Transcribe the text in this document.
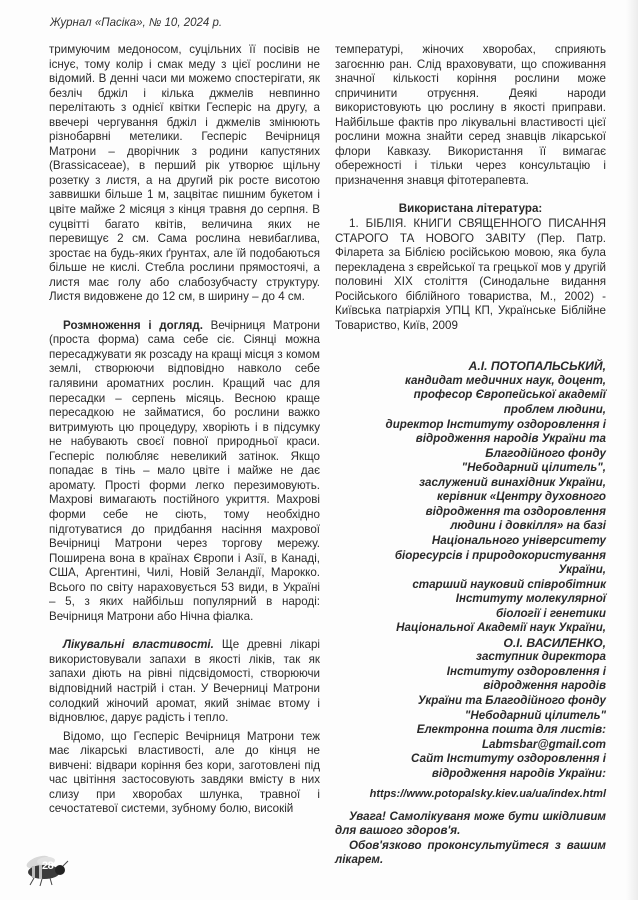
Журнал «Пасіка», № 10, 2024 р.

тримуючим медоносом, суцільних її посівів не існує, тому колір і смак меду з цієї рослини не відомий. В денні часи ми можемо спостерігати, як безліч бджіл і кілька джмелів невпинно перелітають з однієї квітки Гесперіс на другу, а ввечері чергування бджіл і джмелів змінюють різнобарвні метелики. Гесперіс Вечірниця Матрони – дворічник з родини капустяних (Brassicaceae), в перший рік утворює щільну розетку з листя, а на другий рік росте висотою заввишки більше 1 м, зацвітає пишним букетом і цвіте майже 2 місяця з кінця травня до серпня. В суцвітті багато квітів, величина яких не перевищує 2 см. Сама рослина невибаглива, зростає на будь-яких ґрунтах, але їй подобаються більше не кислі. Стебла рослини прямостоячі, а листя має голу або слабозубчасту структуру. Листя видовжене до 12 см, в ширину – до 4 см.

Розмноження і догляд. Вечірниця Матрони (проста форма) сама себе сіє. Сіянці можна пересаджувати як розсаду на кращі місця з комом землі, створюючи відповідно навколо себе галявини ароматних рослин. Кращий час для пересадки – серпень місяць. Весною краще пересадкою не займатися, бо рослини важко витримують цю процедуру, хворіють і в підсумку не набувають своєї повної природньої краси. Гесперіс полюбляє невеликий затінок. Якщо попадає в тінь – мало цвіте і майже не дає аромату. Прості форми легко перезимовують. Махрові вимагають постійного укриття. Махрові форми себе не сіють, тому необхідно підготуватися до придбання насіння махрової Вечірниці Матрони через торгову мережу. Поширена вона в країнах Європи і Азії, в Канаді, США, Аргентині, Чилі, Новій Зеландії, Марокко. Всього по світу нараховується 53 види, в Україні – 5, з яких найбільш популярний в народі: Вечірниця Матрони або Нічна фіалка.

Лікувальні властивості. Ще древні лікарі використовували запахи в якості ліків, так як запахи діють на рівні підсвідомості, створюючи відповідний настрій і стан. У Вечерниці Матрони солодкий жіночий аромат, який знімає втому і відновлює, дарує радість і тепло.

Відомо, що Гесперіс Вечірниця Матрони теж має лікарські властивості, але до кінця не вивчені: відвари коріння без кори, заготовлені під час цвітіння застосовують завдяки вмісту в них слизу при хворобах шлунка, травної і сечостатевої системи, зубному болю, високій

температурі, жіночих хворобах, сприяють загоєнню ран. Слід враховувати, що споживання значної кількості коріння рослини може спричинити отруєння. Деякі народи використовують цю рослину в якості приправи. Найбільше фактів про лікувальні властивості цієї рослини можна знайти серед знавців лікарської флори Кавказу. Використання її вимагає обережності і тільки через консультацію і призначення знавця фітотерапевта.

Використана література:

1. БІБЛІЯ. КНИГИ СВЯЩЕННОГО ПИСАННЯ СТАРОГО ТА НОВОГО ЗАВІТУ (Пер. Патр. Філарета за Біблією російською мовою, яка була перекладена з єврейської та грецької мов у другій половині XIX століття (Синодальне видання Російського біблійного товариства, М., 2002) - Київська патріархія УПЦ КП, Українське Біблійне Товариство, Київ, 2009

А.І. ПОТОПАЛЬСЬКИЙ,

кандидат медичних наук, доцент,

професор Європейської академії

проблем людини,

директор Інституту оздоровлення і

відродження народів України та

Благодійного фонду

"Небодарний цілитель",

заслужений винахідник України,

керівник «Центру духовного

відродження та оздоровлення

людини і довкілля» на базі

Національного університету

біоресурсів і природокористування

України,

старший науковий співробітник

Інституту молекулярної

біології і генетики

Національної Академії наук України,

О.І. ВАСИЛЕНКО,

заступник директора

Інституту оздоровлення і

відродження народів

України та Благодійного фонду

"Небодарний цілитель"

Електронна пошта для листів:

Labmsbar@gmail.com

Сайт Інституту оздоровлення і

відродження народів України:

https://www.potopalsky.kiev.ua/ua/index.html

Увага! Самолікуваня може бути шкідливим для вашого здоров'я.

Обов'язково проконсультуйтеся з вашим лікарем.

28
